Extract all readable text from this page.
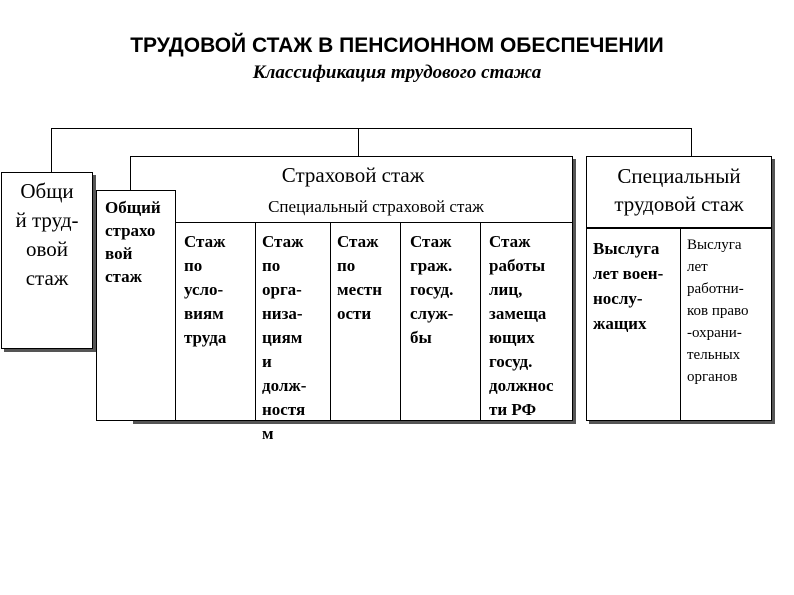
ТРУДОВОЙ СТАЖ В ПЕНСИОННОМ ОБЕСПЕЧЕНИИ
Классификация трудового стажа
Общи
й труд-
овой
стаж
Страховой стаж
Общий
страхо
вой
стаж
Специальный страховой стаж
Стаж
по
усло-
виям
труда
Стаж
по
орга-
низа-
циям
и
долж-
ностя
м
Стаж
по
местн
ости
Стаж
граж.
госуд.
служ-
бы
Стаж
работы
лиц,
замеща
ющих
госуд.
должнос
ти РФ
Специальный
трудовой стаж
Выслуга
лет воен-
нослу-
жащих
Выслуга
лет
работни-
ков право
-охрани-
тельных
органов
